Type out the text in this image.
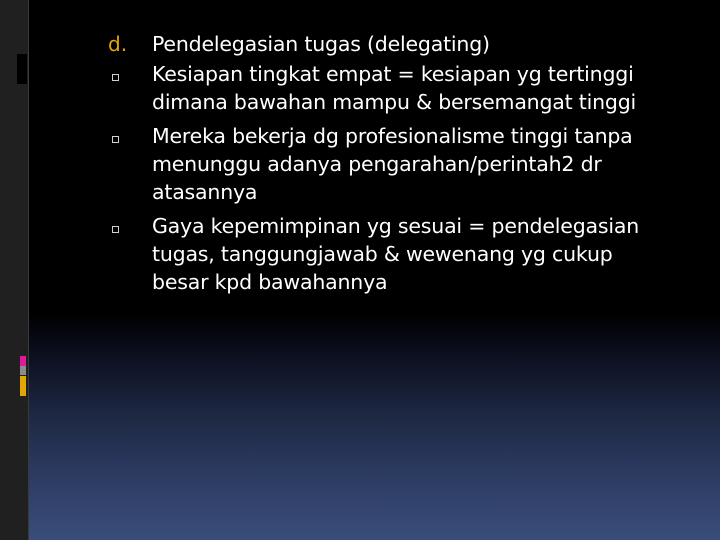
d.	Pendelegasian tugas (delegating)
Kesiapan tingkat empat = kesiapan yg tertinggi
dimana bawahan mampu & bersemangat tinggi
Mereka bekerja dg profesionalisme tinggi tanpa
menunggu adanya pengarahan/perintah2 dr
atasannya
Gaya kepemimpinan yg sesuai = pendelegasian
tugas, tanggungjawab & wewenang yg cukup
besar kpd bawahannya
